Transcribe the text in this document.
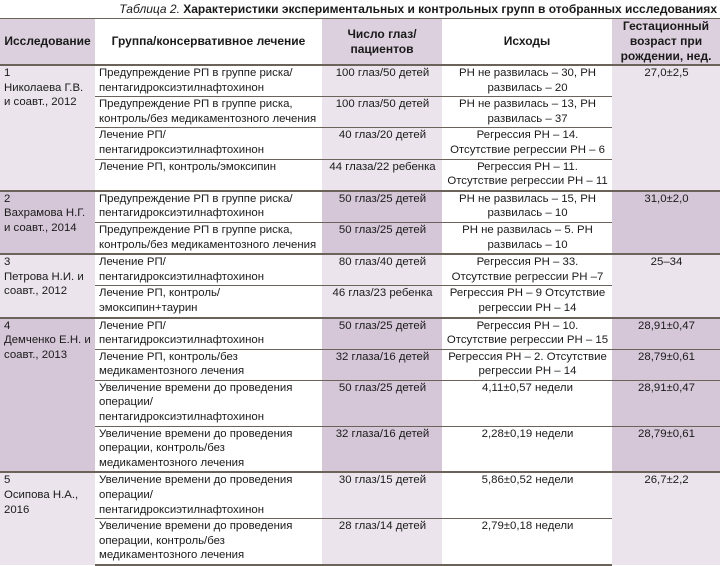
Таблица 2. Характеристики экспериментальных и контрольных групп в отобранных исследованиях
Исследование	Группа/консервативное лечение	Число глаз/ пациентов	Исходы	Гестационный возраст при рождении, нед.

1
Николаева Г.В. и соавт., 2012	Предупреждение РП в группе риска/ пентагидроксиэтилнафтохинон	100 глаз/50 детей	РН не развилась – 30, РН развилась – 20	27,0±2,5
	Предупреждение РП в группе риска, контроль/без медикаментозного лечения	100 глаз/50 детей	РН не развилась – 13, РН развилась – 37	
	Лечение РП/ пентагидроксиэтилнафтохинон	40 глаз/20 детей	Регрессия РН – 14. Отсутствие регрессии РН – 6	
	Лечение РП, контроль/эмоксипин	44 глаза/22 ребенка	Регрессия РН – 11. Отсутствие регрессии РН – 11	

2
Вахрамова Н.Г. и соавт., 2014	Предупреждение РП в группе риска/ пентагидроксиэтилнафтохинон	50 глаз/25 детей	РН не развилась – 15, РН развилась – 10	31,0±2,0
	Предупреждение РП в группе риска, контроль/без медикаментозного лечения	50 глаз/25 детей	РН не развилась – 5. РН развилась – 10	

3
Петрова Н.И. и соавт., 2012	Лечение РП/ пентагидроксиэтилнафтохинон	80 глаз/40 детей	Регрессия РН – 33. Отсутствие регрессии РН –7	25–34
	Лечение РП, контроль/ эмоксипин+таурин	46 глаз/23 ребенка	Регрессия РН – 9 Отсутствие регрессии РН – 14	

4
Демченко Е.Н. и соавт., 2013	Лечение РП/ пентагидроксиэтилнафтохинон	50 глаз/25 детей	Регрессия РН – 10. Отсутствие регрессии РН – 15	28,91±0,47
	Лечение РП, контроль/без медикаментозного лечения	32 глаза/16 детей	Регрессия РН – 2. Отсутствие регрессии РН – 14	28,79±0,61
	Увеличение времени до проведения операции/ пентагидроксиэтилнафтохинон	50 глаз/25 детей	4,11±0,57 недели	28,91±0,47
	Увеличение времени до проведения операции, контроль/без медикаментозного лечения	32 глаза/16 детей	2,28±0,19 недели	28,79±0,61

5
Осипова Н.А., 2016	Увеличение времени до проведения операции/ пентагидроксиэтилнафтохинон	30 глаз/15 детей	5,86±0,52 недели	26,7±2,2
	Увеличение времени до проведения операции, контроль/без медикаментозного лечения	28 глаз/14 детей	2,79±0,18 недели	
